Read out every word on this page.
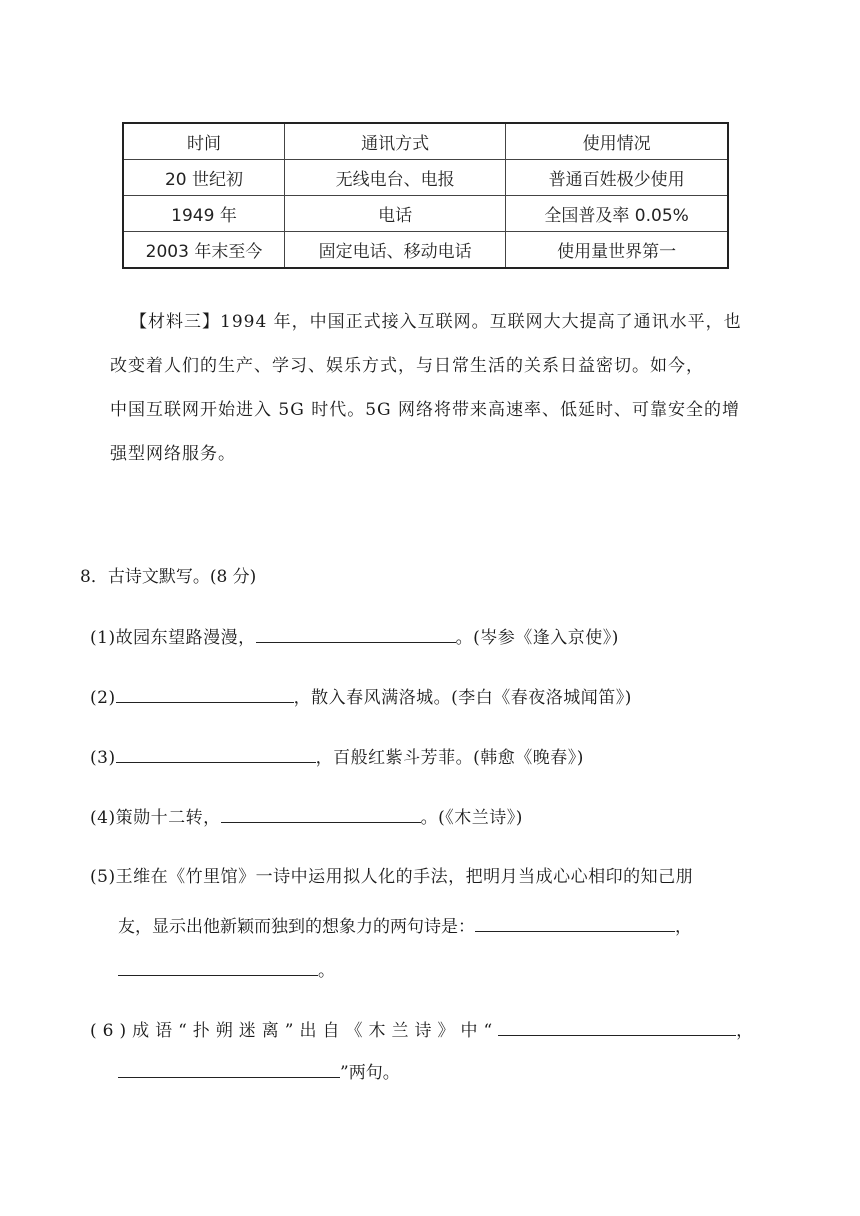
时间	通讯方式	使用情况
20 世纪初	无线电台、电报	普通百姓极少使用
1949 年	电话	全国普及率 0.05%
2003 年末至今	固定电话、移动电话	使用量世界第一
【材料三】1994 年，中国正式接入互联网。互联网大大提高了通讯水平，也
改变着人们的生产、学习、娱乐方式，与日常生活的关系日益密切。如今，
中国互联网开始进入 5G 时代。5G 网络将带来高速率、低延时、可靠安全的增
强型网络服务。
8．古诗文默写。(8 分)
(1)故园东望路漫漫，	。(岑参《逢入京使》)
(2)	，散入春风满洛城。(李白《春夜洛城闻笛》)
(3)	，百般红紫斗芳菲。(韩愈《晚春》)
(4)策勋十二转，	。(《木兰诗》)
(5)王维在《竹里馆》一诗中运用拟人化的手法，把明月当成心心相印的知己朋
友，显示出他新颖而独到的想象力的两句诗是：	，
。
(6)成语“扑朔迷离”出自《木兰诗》中“	，
”两句。
